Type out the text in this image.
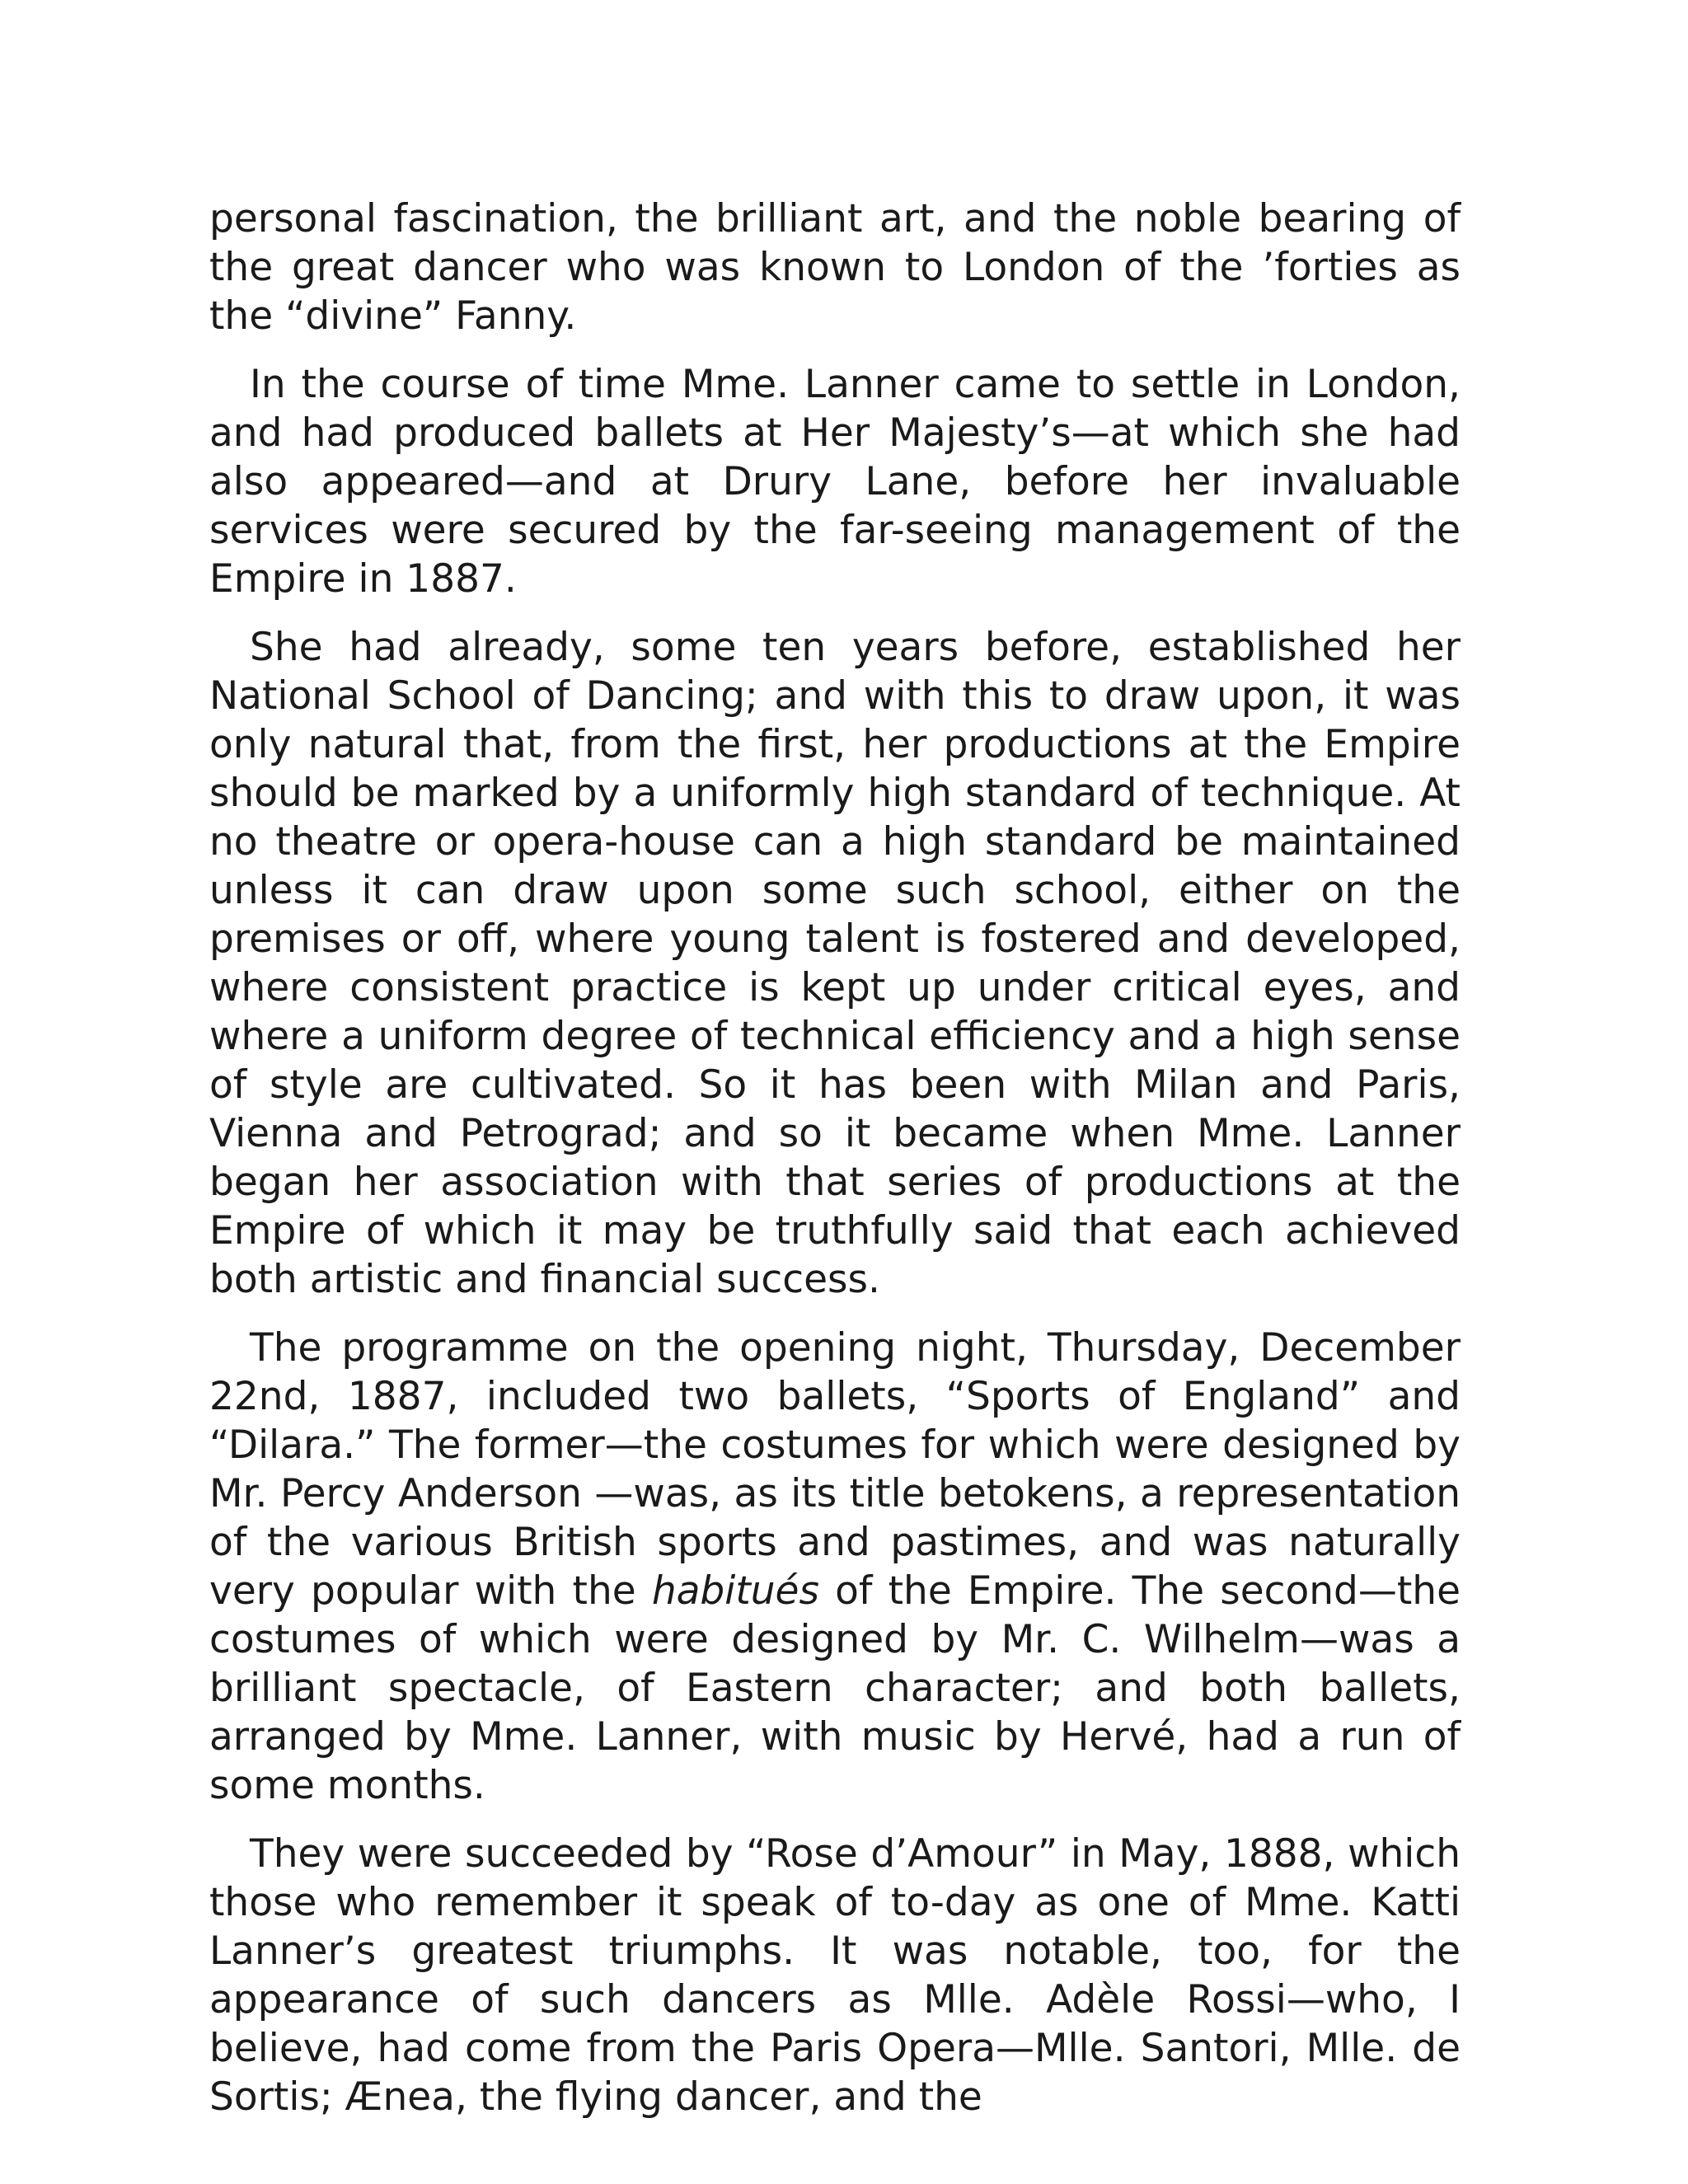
personal fascination, the brilliant art, and the noble bearing of the great dancer who was known to London of the ’forties as the “divine” Fanny.

In the course of time Mme. Lanner came to settle in London, and had produced ballets at Her Majesty’s—at which she had also appeared—and at Drury Lane, before her invaluable services were secured by the far-seeing management of the Empire in 1887.

She had already, some ten years before, established her National School of Dancing; and with this to draw upon, it was only natural that, from the first, her productions at the Empire should be marked by a uniformly high standard of technique. At no theatre or opera-house can a high standard be maintained unless it can draw upon some such school, either on the premises or off, where young talent is fostered and developed, where consistent practice is kept up under critical eyes, and where a uniform degree of technical efficiency and a high sense of style are cultivated. So it has been with Milan and Paris, Vienna and Petrograd; and so it became when Mme. Lanner began her association with that series of productions at the Empire of which it may be truthfully said that each achieved both artistic and financial success.

The programme on the opening night, Thursday, December 22nd, 1887, included two ballets, “Sports of England” and “Dilara.” The former—the costumes for which were designed by Mr. Percy Anderson —was, as its title betokens, a representation of the various British sports and pastimes, and was naturally very popular with the habitués of the Empire. The second—the costumes of which were designed by Mr. C. Wilhelm—was a brilliant spectacle, of Eastern character; and both ballets, arranged by Mme. Lanner, with music by Hervé, had a run of some months.

They were succeeded by “Rose d’Amour” in May, 1888, which those who remember it speak of to-day as one of Mme. Katti Lanner’s greatest triumphs. It was notable, too, for the appearance of such dancers as Mlle. Adèle Rossi—who, I believe, had come from the Paris Opera—Mlle. Santori, Mlle. de Sortis; Ænea, the flying dancer, and the
